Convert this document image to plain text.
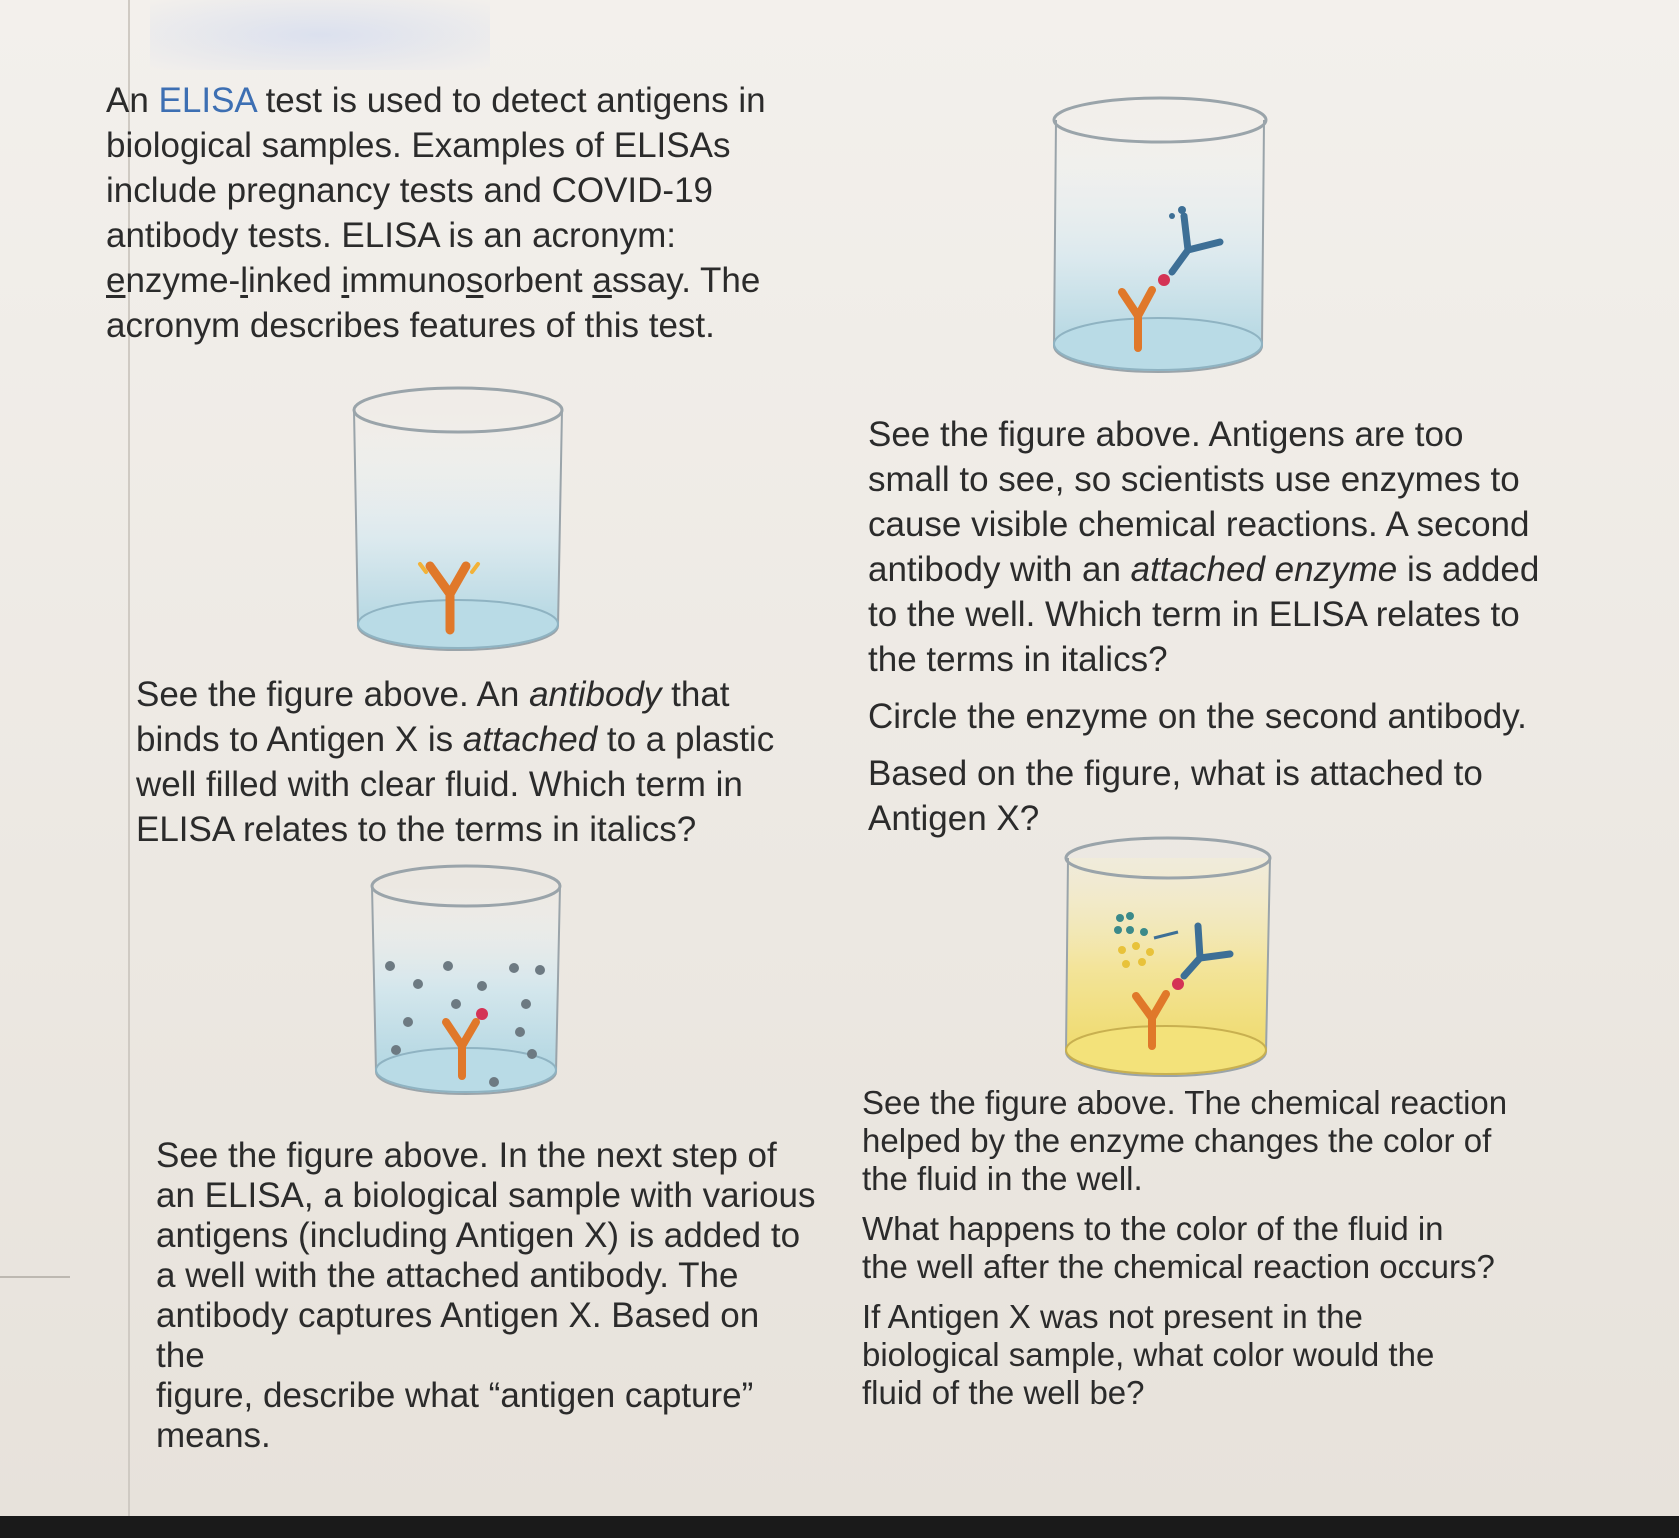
An ELISA test is used to detect antigens in

biological samples. Examples of ELISAs

include pregnancy tests and COVID-19

antibody tests. ELISA is an acronym:

enzyme-linked immunosorbent assay. The

acronym describes features of this test.

See the figure above. An antibody that

binds to Antigen X is attached to a plastic

well filled with clear fluid. Which term in

ELISA relates to the terms in italics?

See the figure above. In the next step of

an ELISA, a biological sample with various

antigens (including Antigen X) is added to

a well with the attached antibody. The

antibody captures Antigen X. Based on the

figure, describe what “antigen capture”

means.

See the figure above. Antigens are too

small to see, so scientists use enzymes to

cause visible chemical reactions. A second

antibody with an attached enzyme is added

to the well. Which term in ELISA relates to

the terms in italics?

Circle the enzyme on the second antibody.

Based on the figure, what is attached to

Antigen X?

See the figure above. The chemical reaction

helped by the enzyme changes the color of

the fluid in the well.

What happens to the color of the fluid in

the well after the chemical reaction occurs?

If Antigen X was not present in the

biological sample, what color would the

fluid of the well be?
